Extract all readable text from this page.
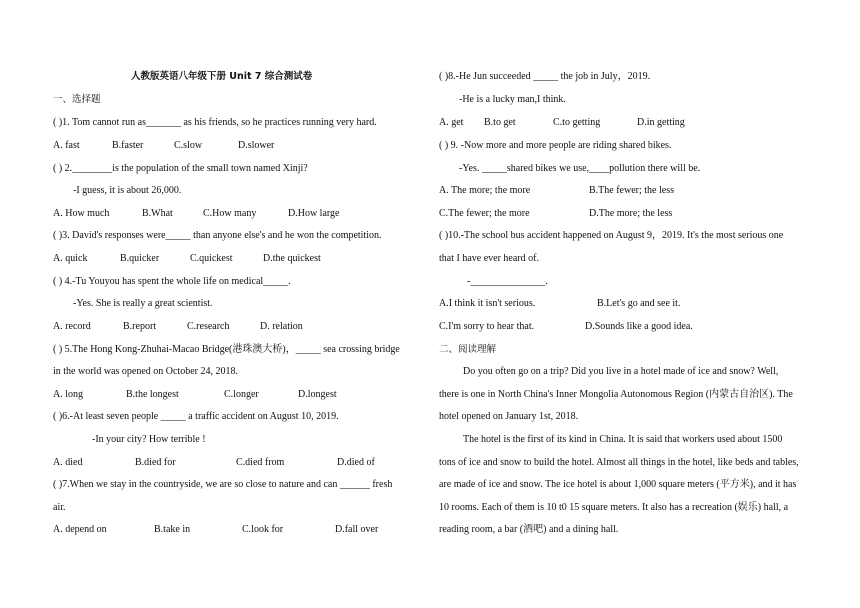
人教版英语八年级下册 Unit 7 综合测试卷
一、选择题
( )1. Tom cannot run as_______ as his friends, so he practices running very hard.
A. fast	B.faster	C.slow	D.slower
( ) 2.________is the population of the small town named Xinji?
-I guess, it is about 26,000.
A. How much	B.What	C.How many	D.How large
( )3. David's responses were_____ than anyone else's and he won the competition.
A. quick	B.quicker	C.quickest	D.the quickest
( ) 4.-Tu Youyou has spent the whole life on medical_____.
-Yes. She is really a great scientist.
A. record	B.report	C.research	D. relation
( ) 5.The Hong Kong-Zhuhai-Macao Bridge(港珠澳大桥)，_____ sea crossing bridge
in the world was opened on October 24, 2018.
A. long	B.the longest	C.longer	D.longest
( )6.-At least seven people _____ a traffic accident on August 10, 2019.
-In your city? How terrible !
A. died	B.died for	C.died from	D.died of
( )7.When we stay in the countryside, we are so close to nature and can ______ fresh
air.
A. depend on	B.take in	C.look for	D.fall over
( )8.-He Jun succeeded _____ the job in July，2019.
-He is a lucky man,I think.
A. get B.to get	C.to getting	D.in getting
( ) 9. -Now more and more people are riding shared bikes.
-Yes. _____shared bikes we use,____pollution there will be.
A. The more; the more	B.The fewer; the less
C.The fewer; the more	D.The more; the less
( )10.-The school bus accident happened on August 9，2019. It's the most serious one
that I have ever heard of.
-_______________.
A.I think it isn't serious.	B.Let's go and see it.
C.I'm sorry to hear that.	D.Sounds like a good idea.
二、阅读理解
Do you often go on a trip? Did you live in a hotel made of ice and snow? Well,
there is one in North China's Inner Mongolia Autonomous Region (内蒙古自治区). The
hotel opened on January 1st, 2018.
The hotel is the first of its kind in China. It is said that workers used about 1500
tons of ice and snow to build the hotel. Almost all things in the hotel, like beds and tables,
are made of ice and snow. The ice hotel is about 1,000 square meters (平方米), and it has
10 rooms. Each of them is 10 t0 15 square meters. It also has a recreation (娱乐) hall, a
reading room, a bar (酒吧) and a dining hall.
